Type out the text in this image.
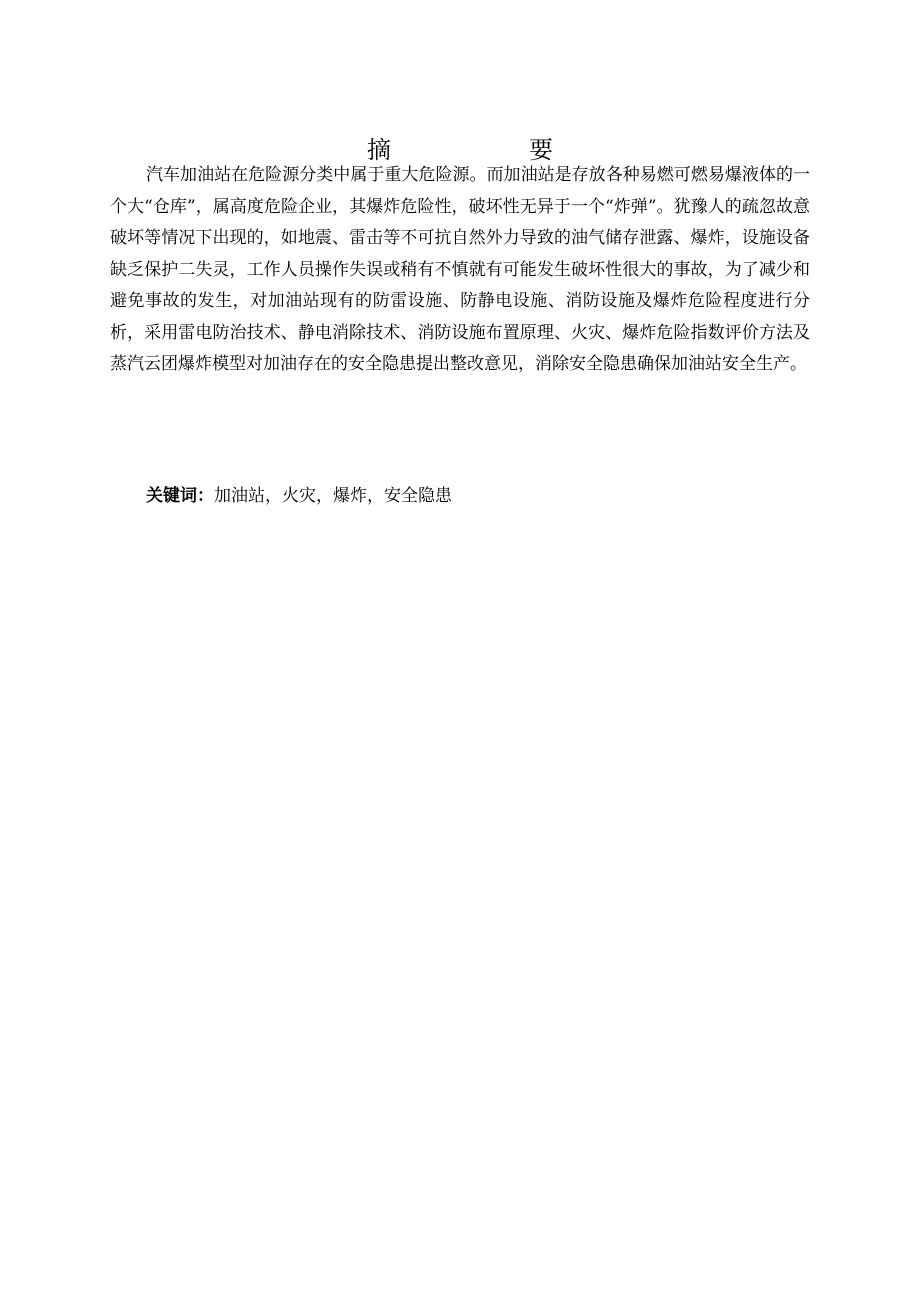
摘　　要

汽车加油站在危险源分类中属于重大危险源。而加油站是存放各种易燃可燃易爆液体的一个大“仓库”，属高度危险企业，其爆炸危险性，破坏性无异于一个“炸弹”。犹豫人的疏忽故意破坏等情况下出现的，如地震、雷击等不可抗自然外力导致的油气储存泄露、爆炸，设施设备缺乏保护二失灵，工作人员操作失误或稍有不慎就有可能发生破坏性很大的事故，为了减少和避免事故的发生，对加油站现有的防雷设施、防静电设施、消防设施及爆炸危险程度进行分析，采用雷电防治技术、静电消除技术、消防设施布置原理、火灾、爆炸危险指数评价方法及蒸汽云团爆炸模型对加油存在的安全隐患提出整改意见，消除安全隐患确保加油站安全生产。

关键词：加油站，火灾，爆炸，安全隐患
